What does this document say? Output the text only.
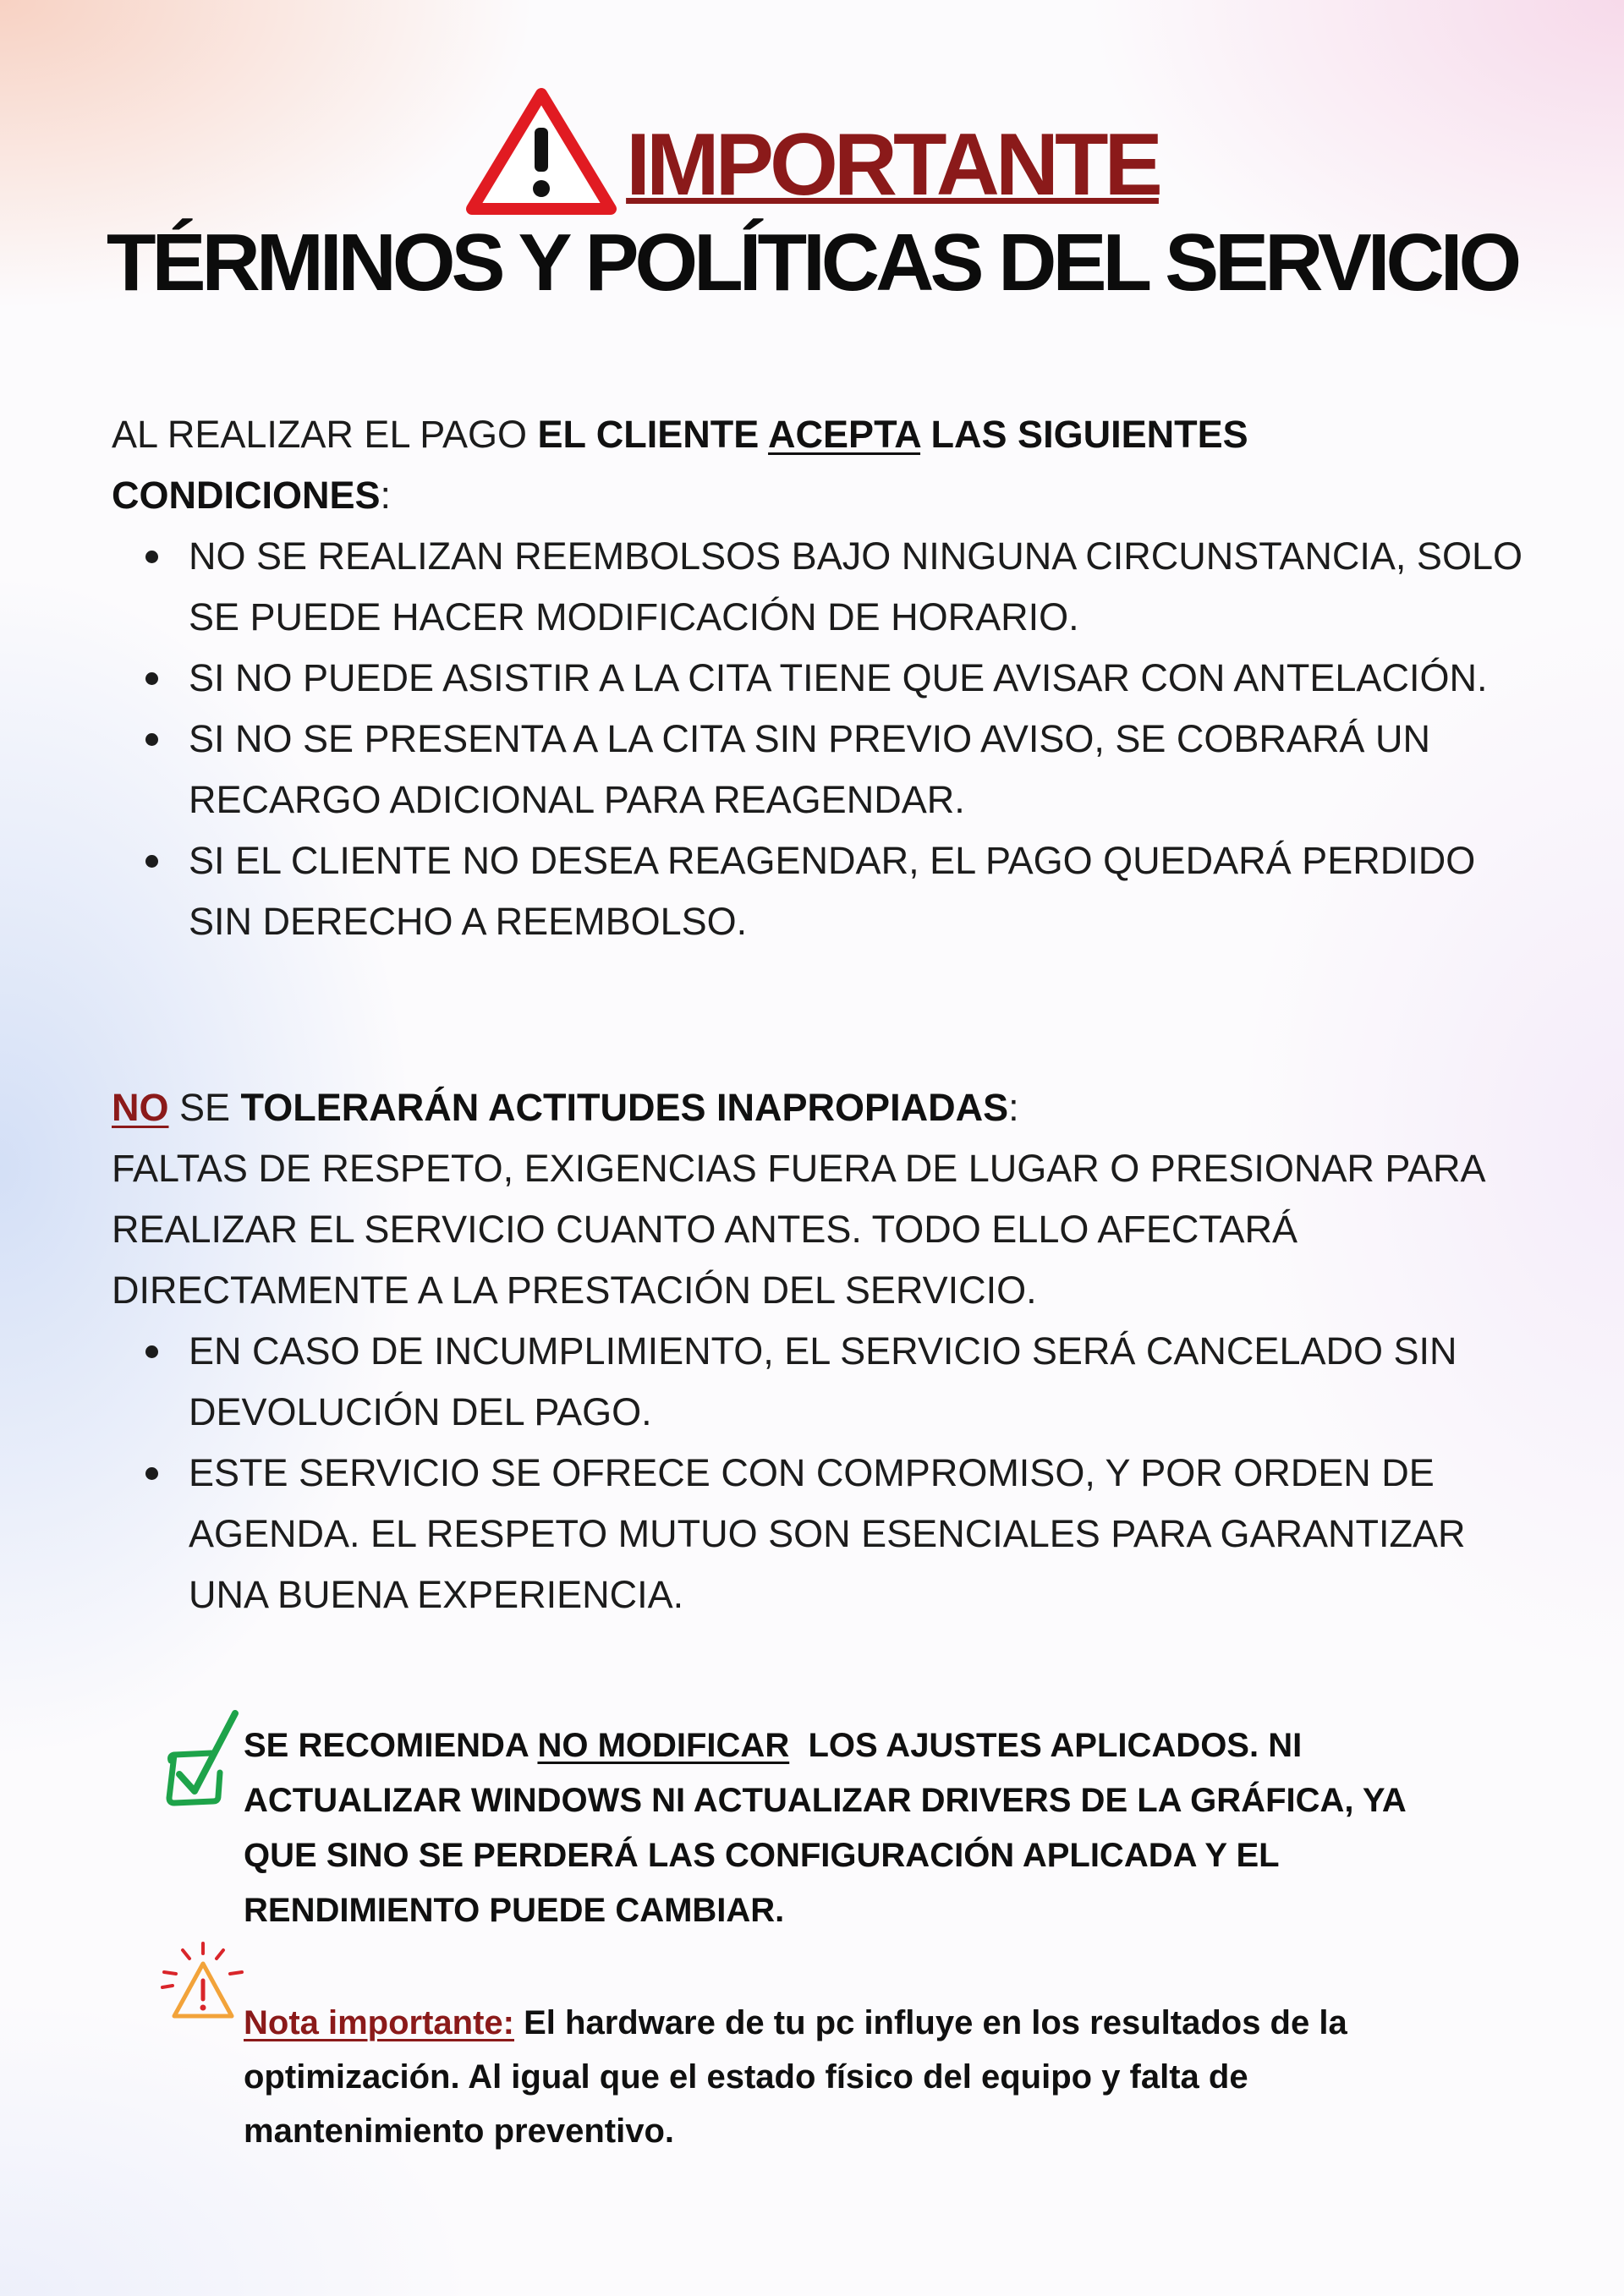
IMPORTANTE
TÉRMINOS Y POLÍTICAS DEL SERVICIO
AL REALIZAR EL PAGO EL CLIENTE ACEPTA LAS SIGUIENTES CONDICIONES:
NO SE REALIZAN REEMBOLSOS BAJO NINGUNA CIRCUNSTANCIA, SOLO SE PUEDE HACER MODIFICACIÓN DE HORARIO.
SI NO PUEDE ASISTIR A LA CITA TIENE QUE AVISAR CON ANTELACIÓN.
SI NO SE PRESENTA A LA CITA SIN PREVIO AVISO, SE COBRARÁ UN RECARGO ADICIONAL PARA REAGENDAR.
SI EL CLIENTE NO DESEA REAGENDAR, EL PAGO QUEDARÁ PERDIDO SIN DERECHO A REEMBOLSO.
NO SE TOLERARÁN ACTITUDES INAPROPIADAS:
FALTAS DE RESPETO, EXIGENCIAS FUERA DE LUGAR O PRESIONAR PARA REALIZAR EL SERVICIO CUANTO ANTES. TODO ELLO AFECTARÁ DIRECTAMENTE A LA PRESTACIÓN DEL SERVICIO.
EN CASO DE INCUMPLIMIENTO, EL SERVICIO SERÁ CANCELADO SIN DEVOLUCIÓN DEL PAGO.
ESTE SERVICIO SE OFRECE CON COMPROMISO, Y POR ORDEN DE AGENDA. EL RESPETO MUTUO SON ESENCIALES PARA GARANTIZAR UNA BUENA EXPERIENCIA.
SE RECOMIENDA NO MODIFICAR  LOS AJUSTES APLICADOS. NI ACTUALIZAR WINDOWS NI ACTUALIZAR DRIVERS DE LA GRÁFICA, YA QUE SINO SE PERDERÁ LAS CONFIGURACIÓN APLICADA Y EL RENDIMIENTO PUEDE CAMBIAR.
Nota importante: El hardware de tu pc influye en los resultados de la optimización. Al igual que el estado físico del equipo y falta de mantenimiento preventivo.
